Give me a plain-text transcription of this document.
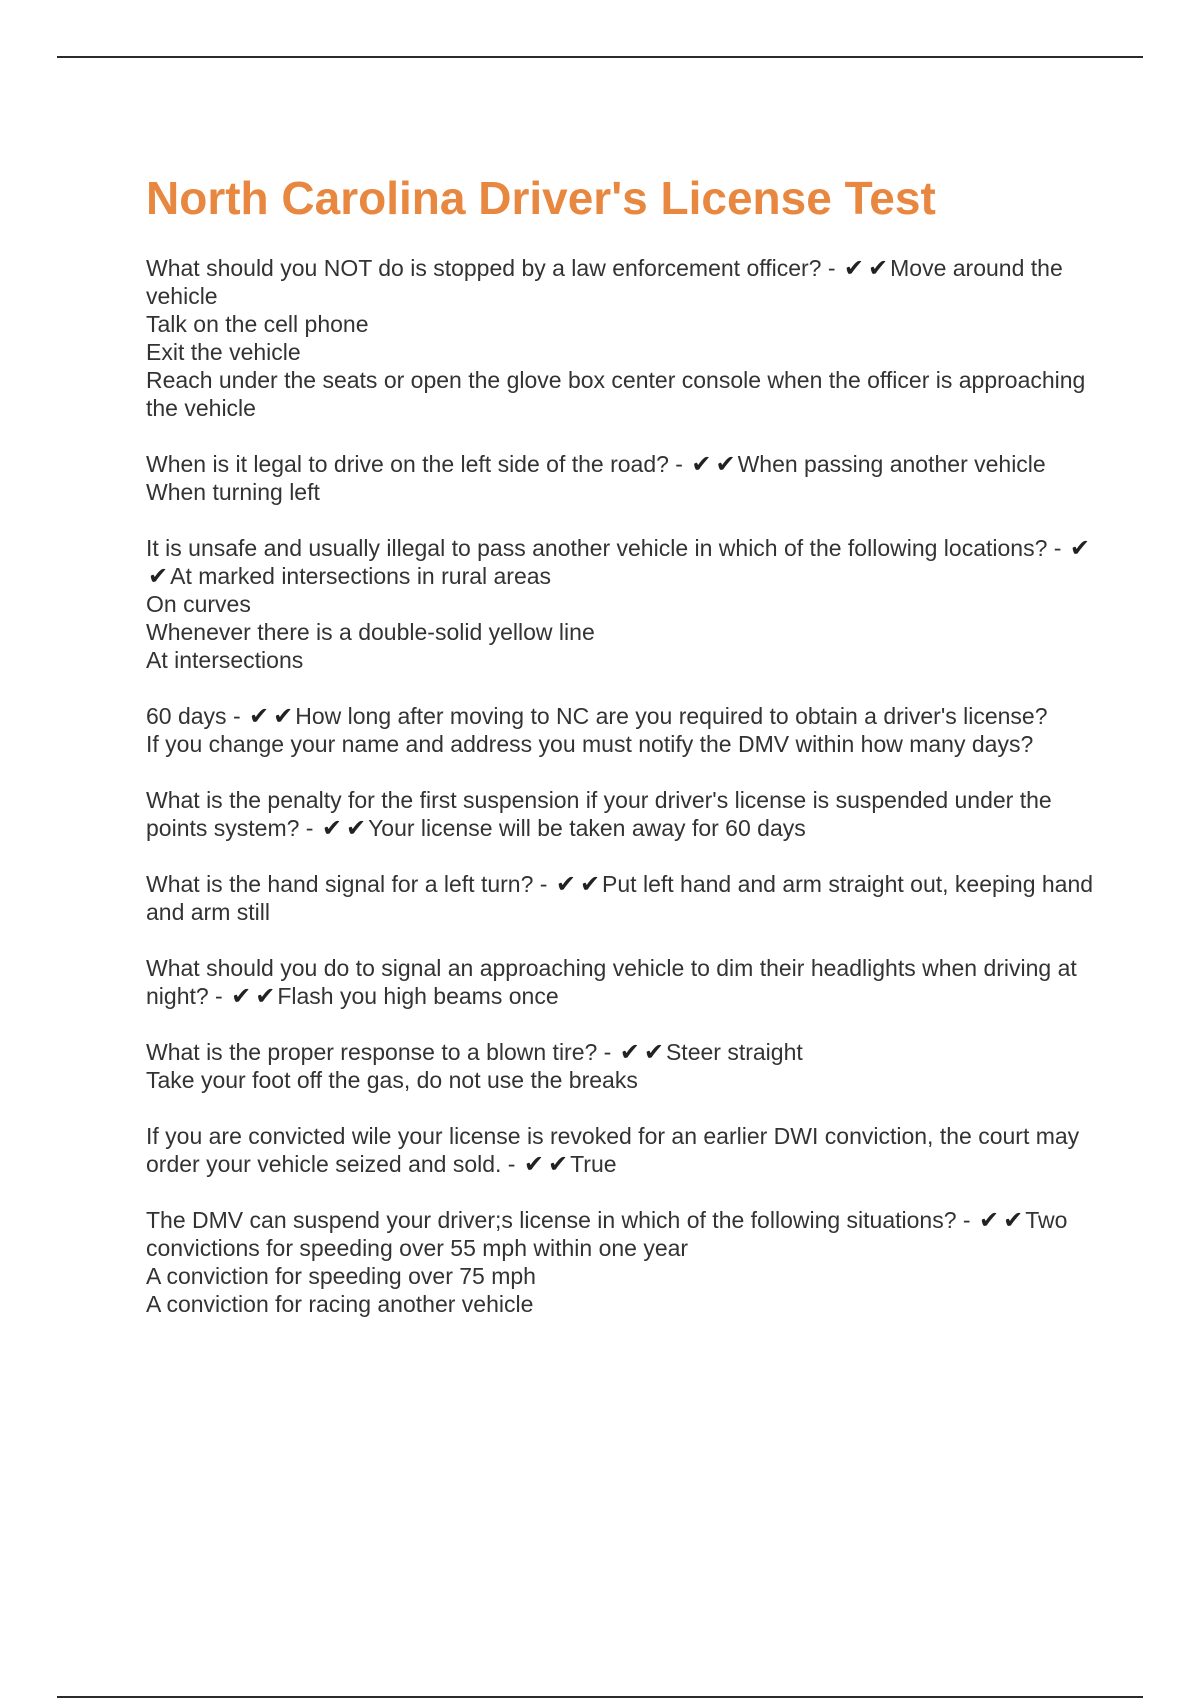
North Carolina Driver's License Test
What should you NOT do is stopped by a law enforcement officer? - ✔ ✔Move around the vehicle
Talk on the cell phone
Exit the vehicle
Reach under the seats or open the glove box center console when the officer is approaching the vehicle
When is it legal to drive on the left side of the road? - ✔ ✔When passing another vehicle
When turning left
It is unsafe and usually illegal to pass another vehicle in which of the following locations? - ✔✔At marked intersections in rural areas
On curves
Whenever there is a double-solid yellow line
At intersections
60 days - ✔ ✔How long after moving to NC are you required to obtain a driver's license?
If you change your name and address you must notify the DMV within how many days?
What is the penalty for the first suspension if your driver's license is suspended under the points system? - ✔ ✔Your license will be taken away for 60 days
What is the hand signal for a left turn? - ✔ ✔Put left hand and arm straight out, keeping hand and arm still
What should you do to signal an approaching vehicle to dim their headlights when driving at night? - ✔ ✔Flash you high beams once
What is the proper response to a blown tire? - ✔ ✔Steer straight
Take your foot off the gas, do not use the breaks
If you are convicted wile your license is revoked for an earlier DWI conviction, the court may order your vehicle seized and sold. - ✔ ✔True
The DMV can suspend your driver;s license in which of the following situations? - ✔ ✔Two convictions for speeding over 55 mph within one year
A conviction for speeding over 75 mph
A conviction for racing another vehicle
